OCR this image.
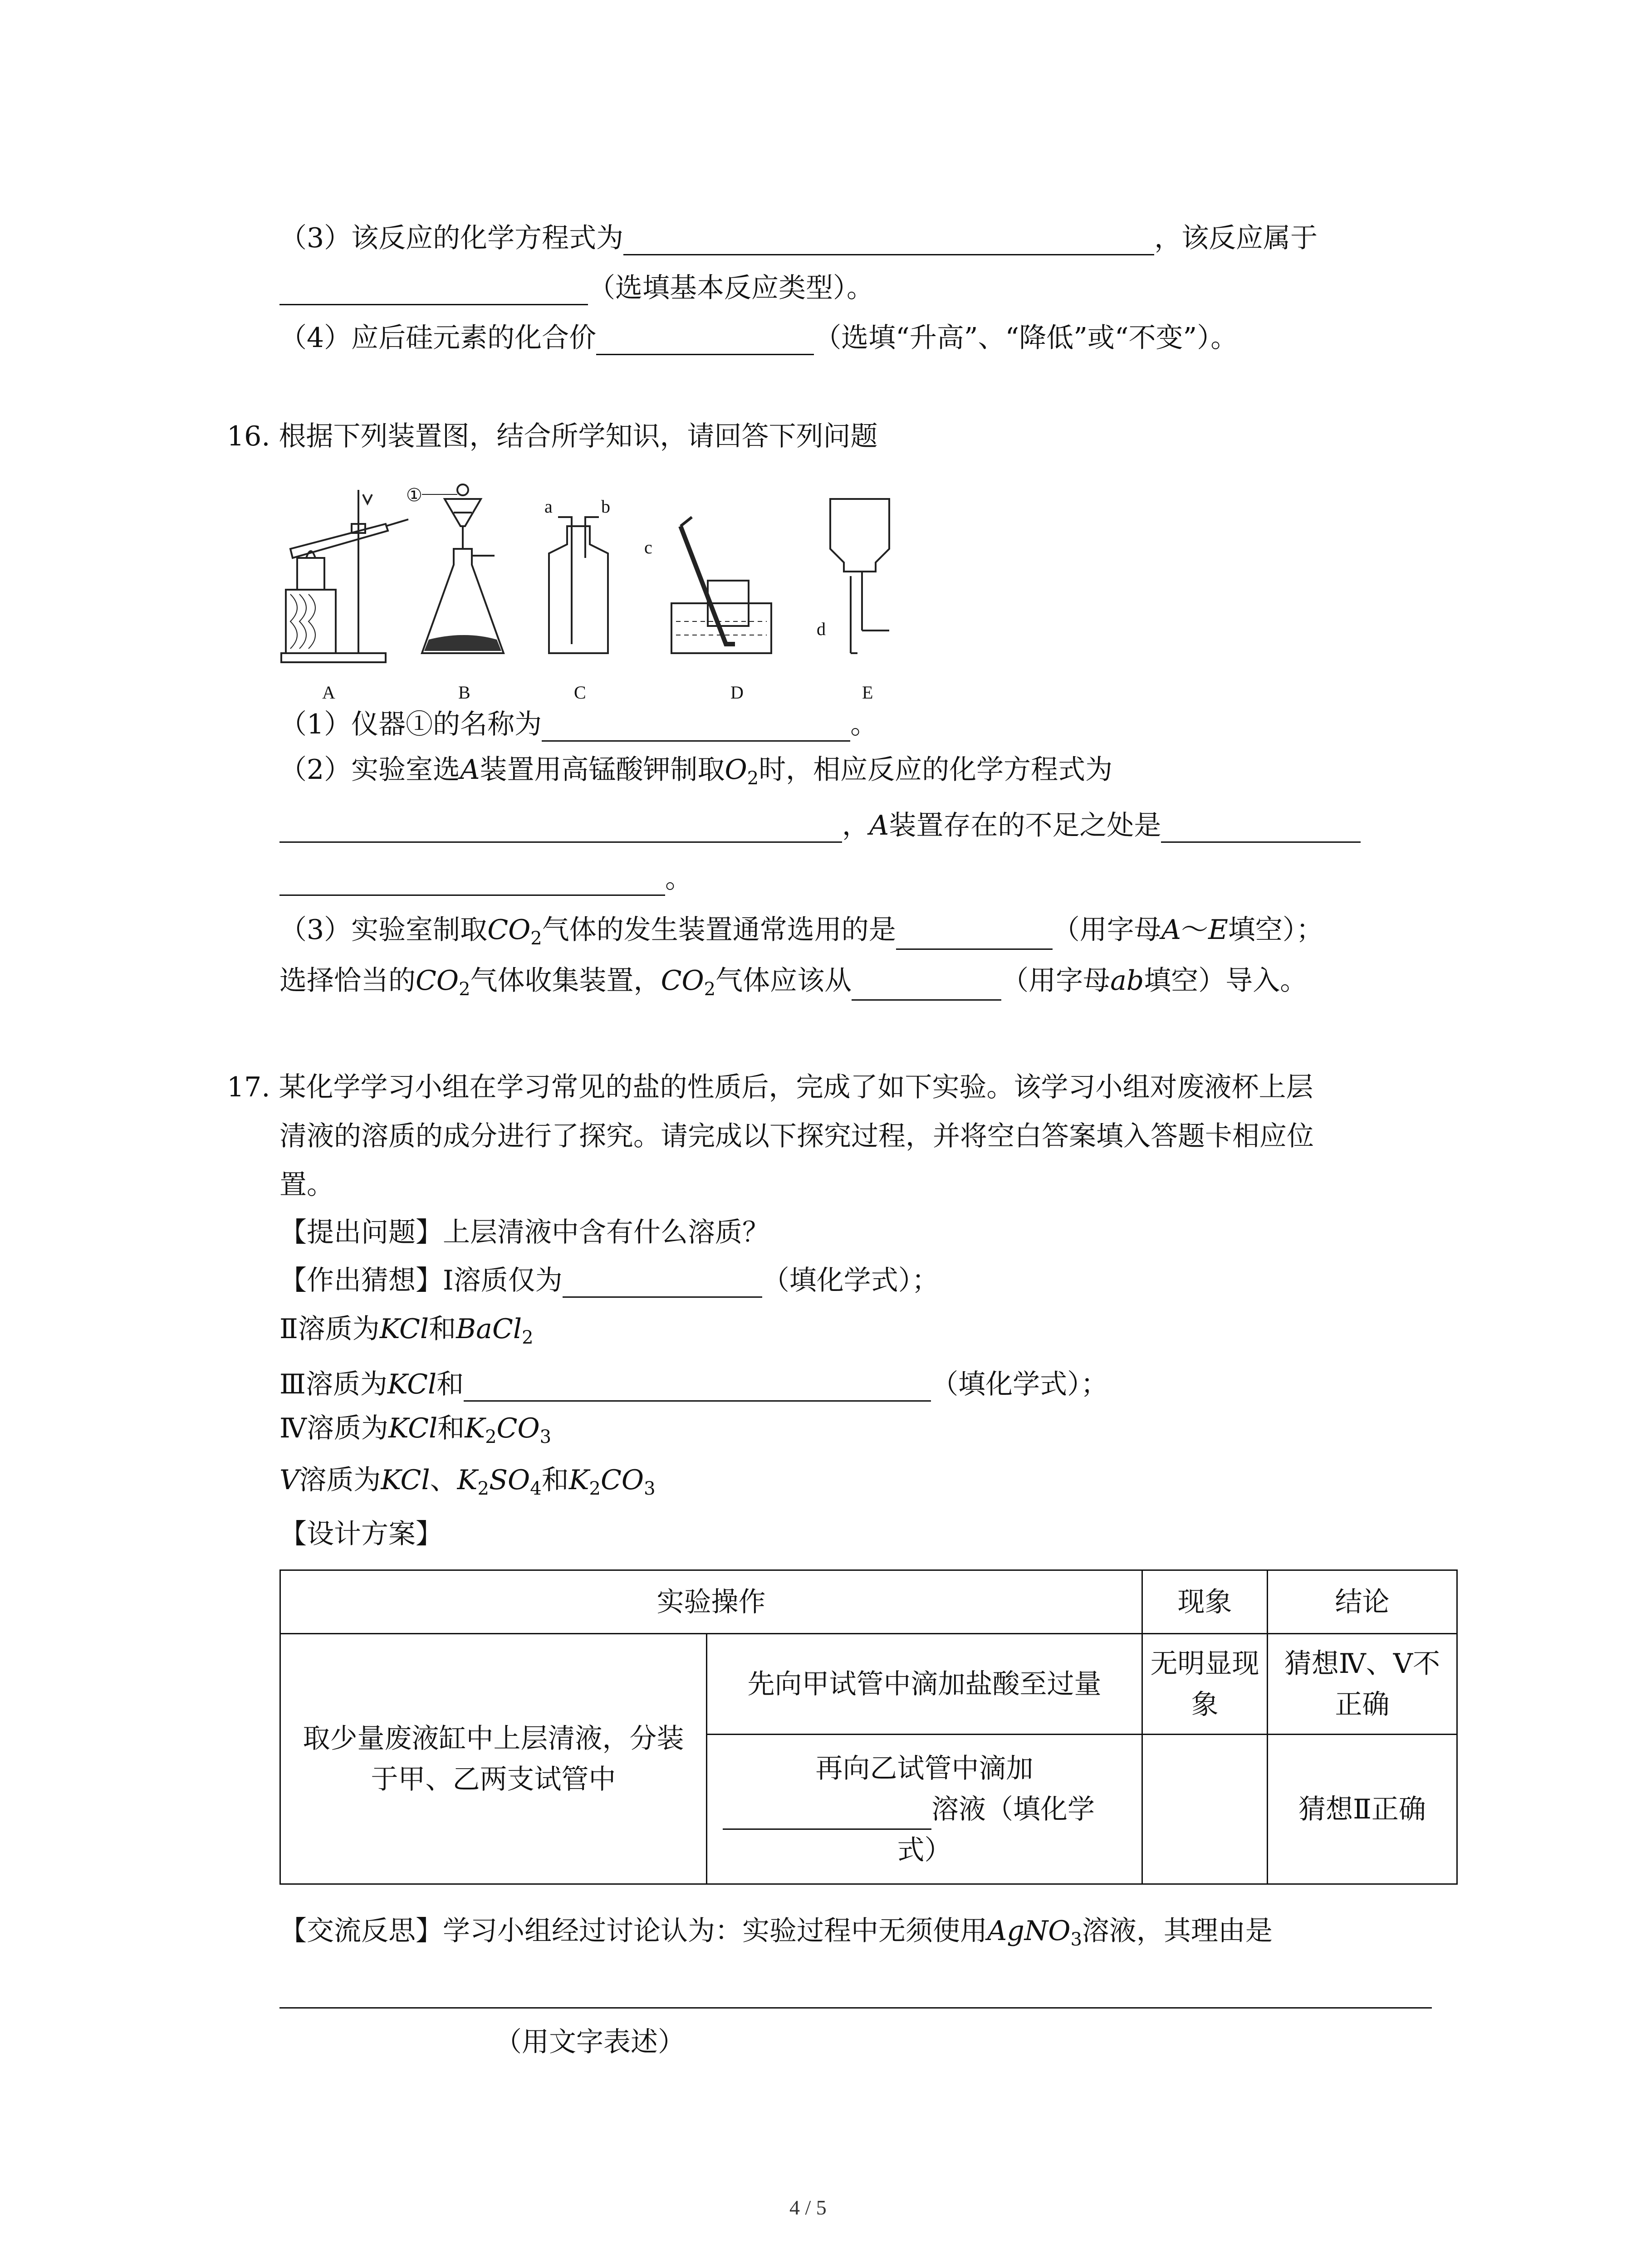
（3）该反应的化学方程式为	，该反应属于
（选填基本反应类型）。
（4）应后硅元素的化合价	（选填“升高”、“降低”或“不变”）。
16. 根据下列装置图，结合所学知识，请回答下列问题
A
①
B
a	b
C
c
D
d
E
（1）仪器①的名称为	。
（2）实验室选A装置用高锰酸钾制取$O_2$时，相应反应的化学方程式为
，A装置存在的不足之处是
。
（3）实验室制取$CO_2$气体的发生装置通常选用的是	（用字母A～E填空）；
选择恰当的$CO_2$气体收集装置，$CO_2$气体应该从	（用字母ab填空）导入。
17. 某化学学习小组在学习常见的盐的性质后，完成了如下实验。该学习小组对废液杯上层
清液的溶质的成分进行了探究。请完成以下探究过程，并将空白答案填入答题卡相应位
置。
【提出问题】上层清液中含有什么溶质？
【作出猜想】Ⅰ溶质仅为	（填化学式）；
Ⅱ溶质为KCl和BaCl$_2$
Ⅲ溶质为KCl和	（填化学式）；
Ⅳ溶质为KCl和$K_2CO_3$
V溶质为KCl、$K_2SO_4$和$K_2CO_3$
【设计方案】
实验操作		现象	结论
取少量废液缸中上层清液，分装于甲、乙两支试管中	先向甲试管中滴加盐酸至过量	无明显现象	猜想Ⅳ、Ⅴ不正确

	再向乙试管中滴加
溶液（填化学
式）		猜想Ⅱ正确
【交流反思】学习小组经过讨论认为：实验过程中无须使用AgNO$_3$溶液，其理由是
（用文字表述）
4 / 5
